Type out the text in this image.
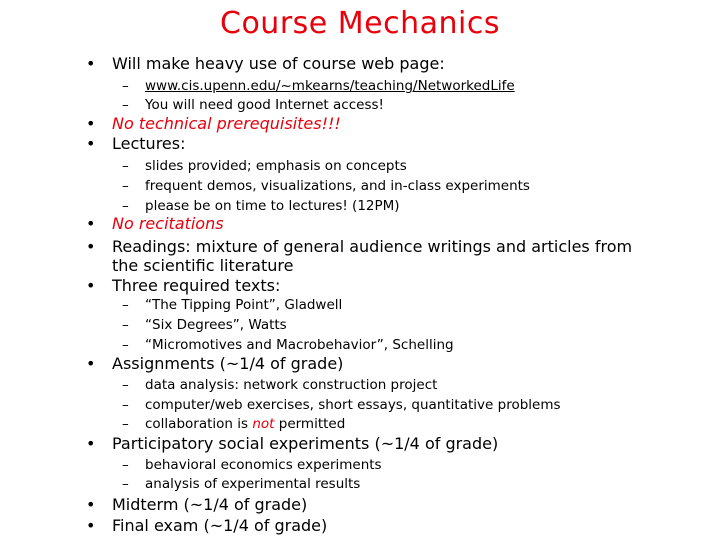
Course Mechanics
• Will make heavy use of course web page:
– www.cis.upenn.edu/~mkearns/teaching/NetworkedLife
– You will need good Internet access!
• No technical prerequisites!!!
• Lectures:
– slides provided; emphasis on concepts
– frequent demos, visualizations, and in-class experiments
– please be on time to lectures! (12PM)
• No recitations
• Readings: mixture of general audience writings and articles from
the scientific literature
• Three required texts:
– “The Tipping Point”, Gladwell
– “Six Degrees”, Watts
– “Micromotives and Macrobehavior”, Schelling
• Assignments (~1/4 of grade)
– data analysis: network construction project
– computer/web exercises, short essays, quantitative problems
– collaboration is not permitted
• Participatory social experiments (~1/4 of grade)
– behavioral economics experiments
– analysis of experimental results
• Midterm (~1/4 of grade)
• Final exam (~1/4 of grade)
